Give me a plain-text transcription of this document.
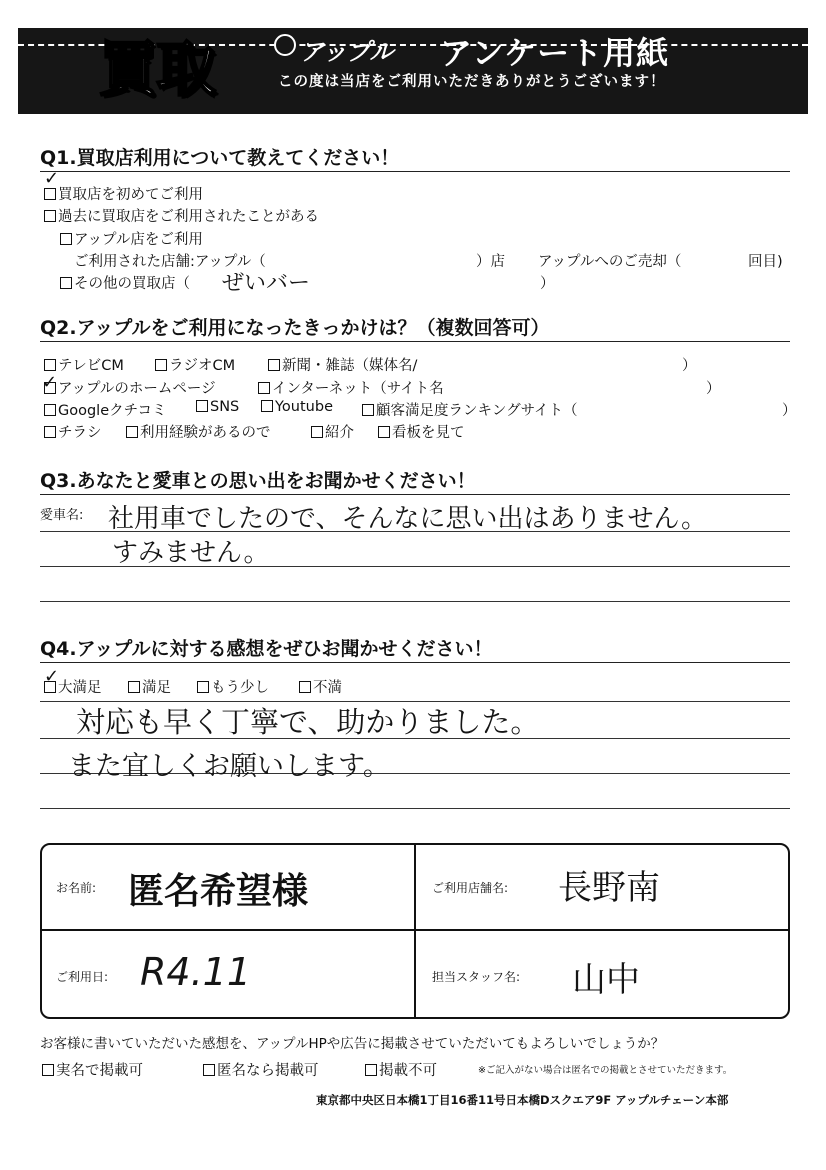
買取	アップル アンケート用紙
この度は当店をご利用いただきありがとうございます！
Q1.買取店利用について教えてください！
買取店を初めてご利用
✓
過去に買取店をご利用されたことがある
アップル店をご利用
ご利用された店舗:アップル（	）店 アップルへのご売却（	回目)
その他の買取店（	）
ぜいバー
Q2.アップルをご利用になったきっかけは？（複数回答可）
テレビCM	ラジオCM	新聞・雑誌（媒体名/	）
✓ アップルのホームページ	インターネット（サイト名	）
Googleクチコミ	SNS	Youtube	顧客満足度ランキングサイト（	）
チラシ	利用経験があるので	紹介	看板を見て
Q3.あなたと愛車との思い出をお聞かせください！
愛車名: 社用車でしたので、そんなに思い出はありません。
すみません。
Q4.アップルに対する感想をぜひお聞かせください！
✓
大満足	満足	もう少し	不満
対応も早く丁寧で、助かりました。
また宜しくお願いします。
お名前: 匿名希望様	ご利用店舗名: 長野南
ご利用日: R4.11	担当スタッフ名: 山中
お客様に書いていただいた感想を、アップルHPや広告に掲載させていただいてもよろしいでしょうか？
実名で掲載可	匿名なら掲載可	掲載不可	※ご記入がない場合は匿名での掲載とさせていただきます。
東京都中央区日本橋1丁目16番11号日本橋Dスクエア9F アップルチェーン本部
